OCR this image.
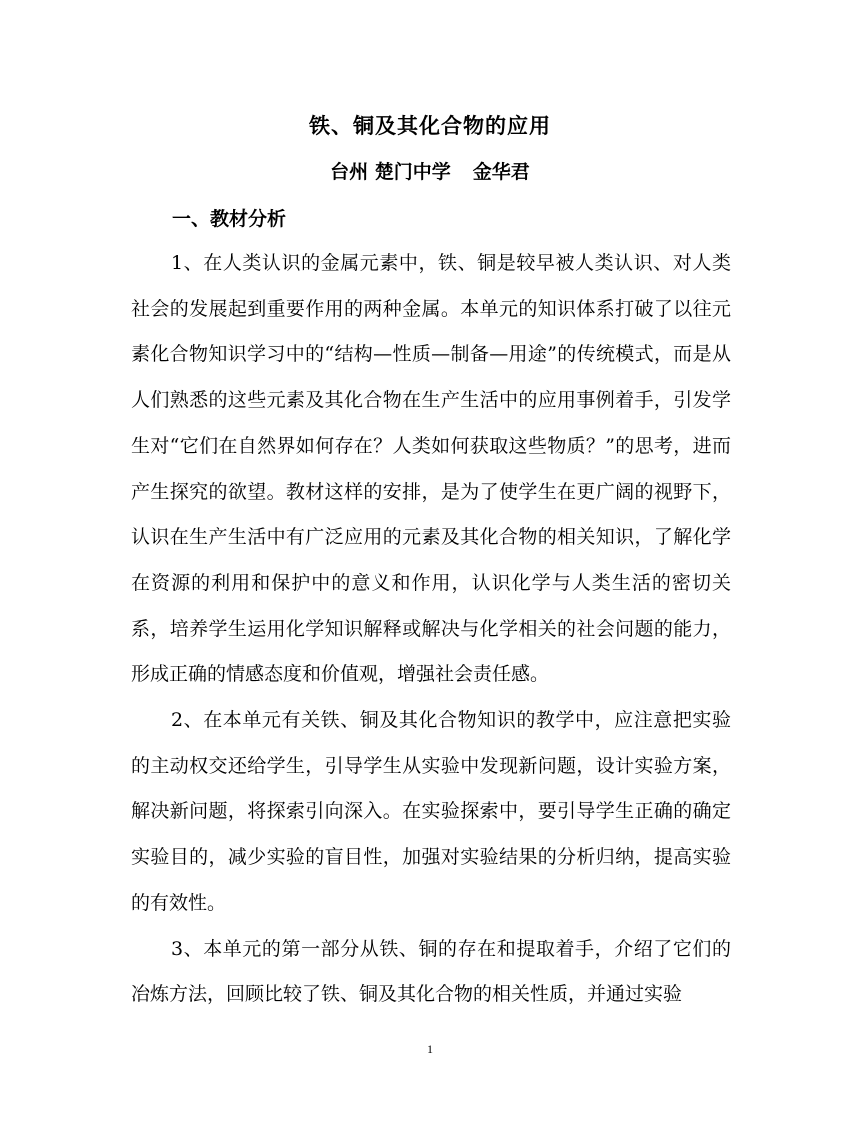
铁、铜及其化合物的应用
台州 楚门中学 金华君
一、教材分析

1、在人类认识的金属元素中，铁、铜是较早被人类认识、对人类社会的发展起到重要作用的两种金属。本单元的知识体系打破了以往元素化合物知识学习中的“结构—性质—制备—用途”的传统模式，而是从人们熟悉的这些元素及其化合物在生产生活中的应用事例着手，引发学生对“它们在自然界如何存在？人类如何获取这些物质？”的思考，进而产生探究的欲望。教材这样的安排，是为了使学生在更广阔的视野下，认识在生产生活中有广泛应用的元素及其化合物的相关知识，了解化学在资源的利用和保护中的意义和作用，认识化学与人类生活的密切关系，培养学生运用化学知识解释或解决与化学相关的社会问题的能力，形成正确的情感态度和价值观，增强社会责任感。

2、在本单元有关铁、铜及其化合物知识的教学中，应注意把实验的主动权交还给学生，引导学生从实验中发现新问题，设计实验方案，解决新问题，将探索引向深入。在实验探索中，要引导学生正确的确定实验目的，减少实验的盲目性，加强对实验结果的分析归纳，提高实验的有效性。

3、本单元的第一部分从铁、铜的存在和提取着手，介绍了它们的冶炼方法，回顾比较了铁、铜及其化合物的相关性质，并通过实验

1
